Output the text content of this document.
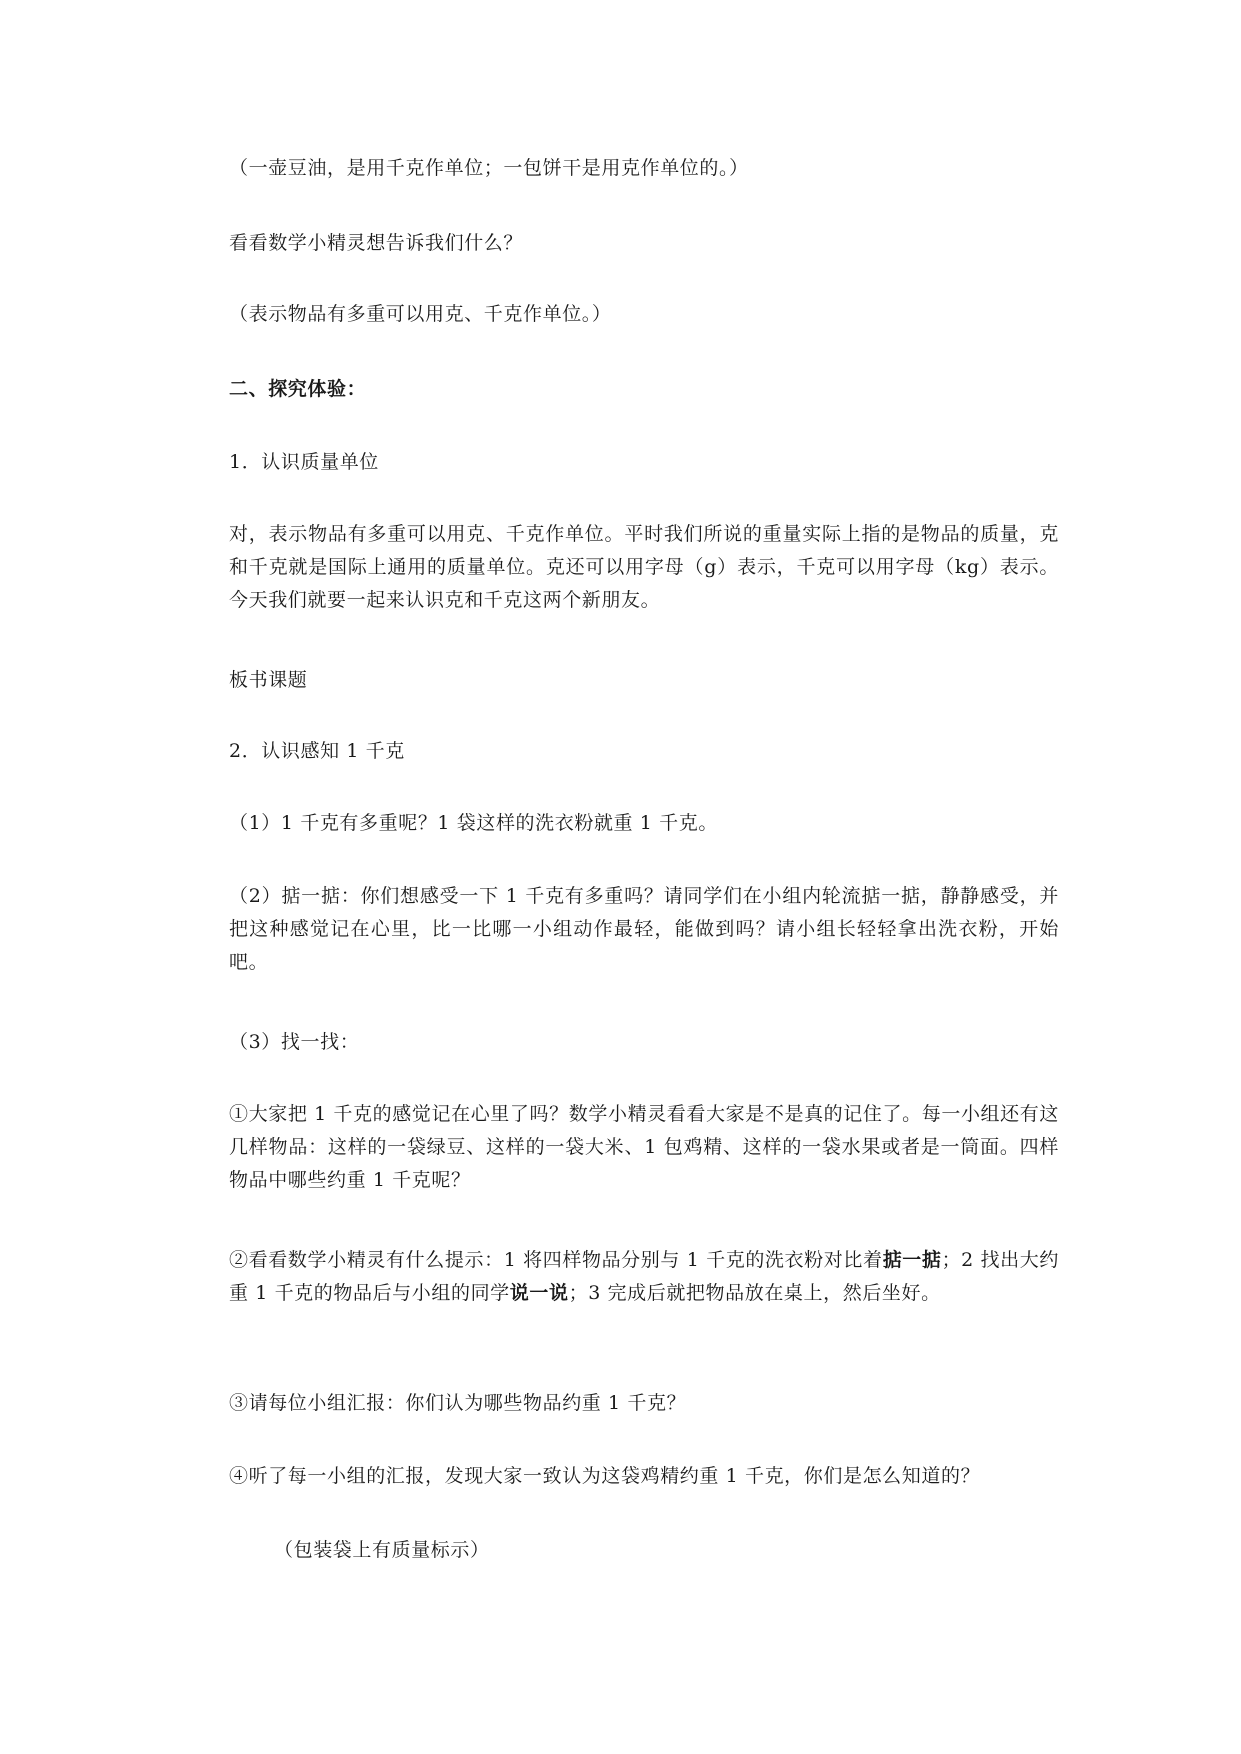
（一壶豆油，是用千克作单位；一包饼干是用克作单位的。）
看看数学小精灵想告诉我们什么？
（表示物品有多重可以用克、千克作单位。）
二、探究体验：
1．认识质量单位

对，表示物品有多重可以用克、千克作单位。平时我们所说的重量实际上指的是物品的质量，克和千克就是国际上通用的质量单位。克还可以用字母（g）表示，千克可以用字母（kg）表示。今天我们就要一起来认识克和千克这两个新朋友。

板书课题
2．认识感知 1 千克
（1）1 千克有多重呢？1 袋这样的洗衣粉就重 1 千克。

（2）掂一掂：你们想感受一下 1 千克有多重吗？请同学们在小组内轮流掂一掂，静静感受，并把这种感觉记在心里，比一比哪一小组动作最轻，能做到吗？请小组长轻轻拿出洗衣粉，开始吧。

（3）找一找：

①大家把 1 千克的感觉记在心里了吗？数学小精灵看看大家是不是真的记住了。每一小组还有这几样物品：这样的一袋绿豆、这样的一袋大米、1 包鸡精、这样的一袋水果或者是一筒面。四样物品中哪些约重 1 千克呢？

②看看数学小精灵有什么提示：1 将四样物品分别与 1 千克的洗衣粉对比着掂一掂；2 找出大约重 1 千克的物品后与小组的同学说一说；3 完成后就把物品放在桌上，然后坐好。

③请每位小组汇报：你们认为哪些物品约重 1 千克？
④听了每一小组的汇报，发现大家一致认为这袋鸡精约重 1 千克，你们是怎么知道的？
（包装袋上有质量标示）
